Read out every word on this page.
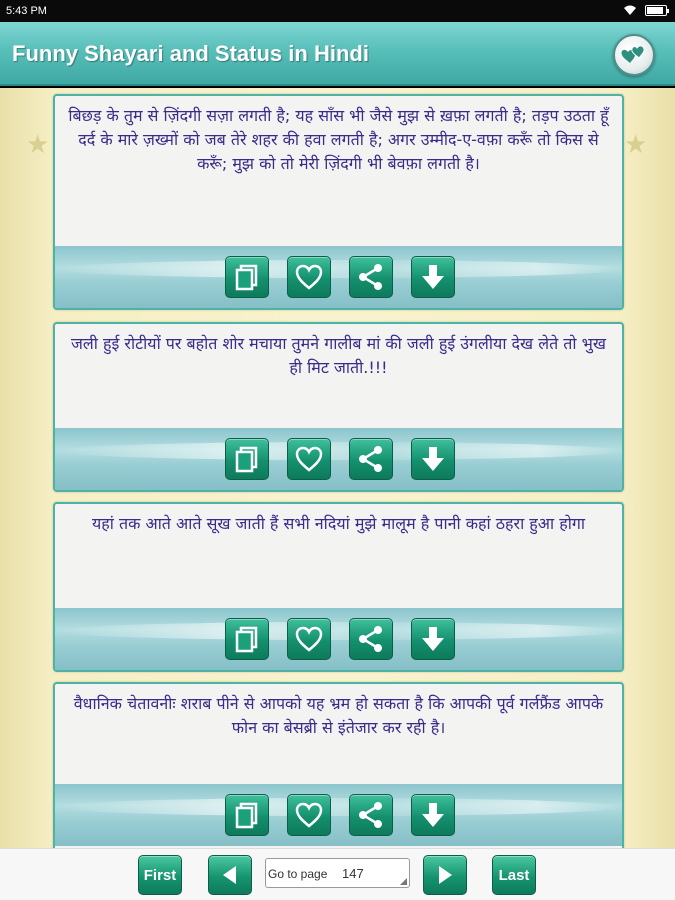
5:43 PM
Funny Shayari and Status in Hindi
★	★
बिछड़ के तुम से ज़िंदगी सज़ा लगती है; यह साँस भी जैसे मुझ से ख़फ़ा लगती है; तड़प उठता हूँ दर्द के मारे ज़ख्मों को जब तेरे शहर की हवा लगती है; अगर उम्मीद-ए-वफ़ा करूँ तो किस से करूँ; मुझ को तो मेरी ज़िंदगी भी बेवफ़ा लगती है।
जली हुई रोटीयों पर बहोत शोर मचाया तुमने गालीब मां की जली हुई उंगलीया देख लेते तो भुख ही मिट जाती.!!!
यहां तक आते आते सूख जाती हैं सभी नदियां मुझे मालूम है पानी कहां ठहरा हुआ होगा
वैधानिक चेतावनीः शराब पीने से आपको यह भ्रम हो सकता है कि आपकी पूर्व गर्लफ्रैंड आपके फोन का बेसब्री से इंतेजार कर रही है।
First	Go to page 147	Last
